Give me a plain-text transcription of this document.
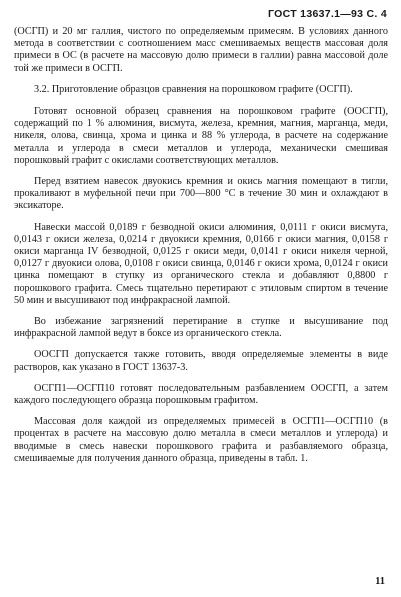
ГОСТ 13637.1—93 С. 4

(ОСГП) и 20 мг галлия, чистого по определяемым примесям. В условиях данного метода в соответствии с соотношением масс смешиваемых веществ массовая доля примеси в ОС (в расчете на массовую долю примеси в галлии) равна массовой доле той же примеси в ОСГП.

3.2. Приготовление образцов сравнения на порошковом графите (ОСГП).

Готовят основной образец сравнения на порошковом графите (ООСГП), содержащий по 1 % алюминия, висмута, железа, кремния, магния, марганца, меди, никеля, олова, свинца, хрома и цинка и 88 % углерода, в расчете на содержание металла и углерода в смеси металлов и углерода, механически смешивая порошковый графит с окислами соответствующих металлов.

Перед взятием навесок двуокись кремния и окись магния помещают в тигли, прокаливают в муфельной печи при 700—800 °С в течение 30 мин и охлаждают в эксикаторе.

Навески массой 0,0189 г безводной окиси алюминия, 0,0111 г окиси висмута, 0,0143 г окиси железа, 0,0214 г двуокиси кремния, 0,0166 г окиси магния, 0,0158 г окиси марганца IV безводной, 0,0125 г окиси меди, 0,0141 г окиси никеля черной, 0,0127 г двуокиси олова, 0,0108 г окиси свинца, 0,0146 г окиси хрома, 0,0124 г окиси цинка помещают в ступку из органического стекла и добавляют 0,8800 г порошкового графита. Смесь тщательно перетирают с этиловым спиртом в течение 50 мин и высушивают под инфракрасной лампой.

Во избежание загрязнений перетирание в ступке и высушивание под инфракрасной лампой ведут в боксе из органического стекла.

ООСГП допускается также готовить, вводя определяемые элементы в виде растворов, как указано в ГОСТ 13637-3.

ОСГП1—ОСГП10 готовят последовательным разбавлением ООСГП, а затем каждого последующего образца порошковым графитом.

Массовая доля каждой из определяемых примесей в ОСГП1—ОСГП10 (в процентах в расчете на массовую долю металла в смеси металлов и углерода) и вводимые в смесь навески порошкового графита и разбавляемого образца, смешиваемые для получения данного образца, приведены в табл. 1.

11
